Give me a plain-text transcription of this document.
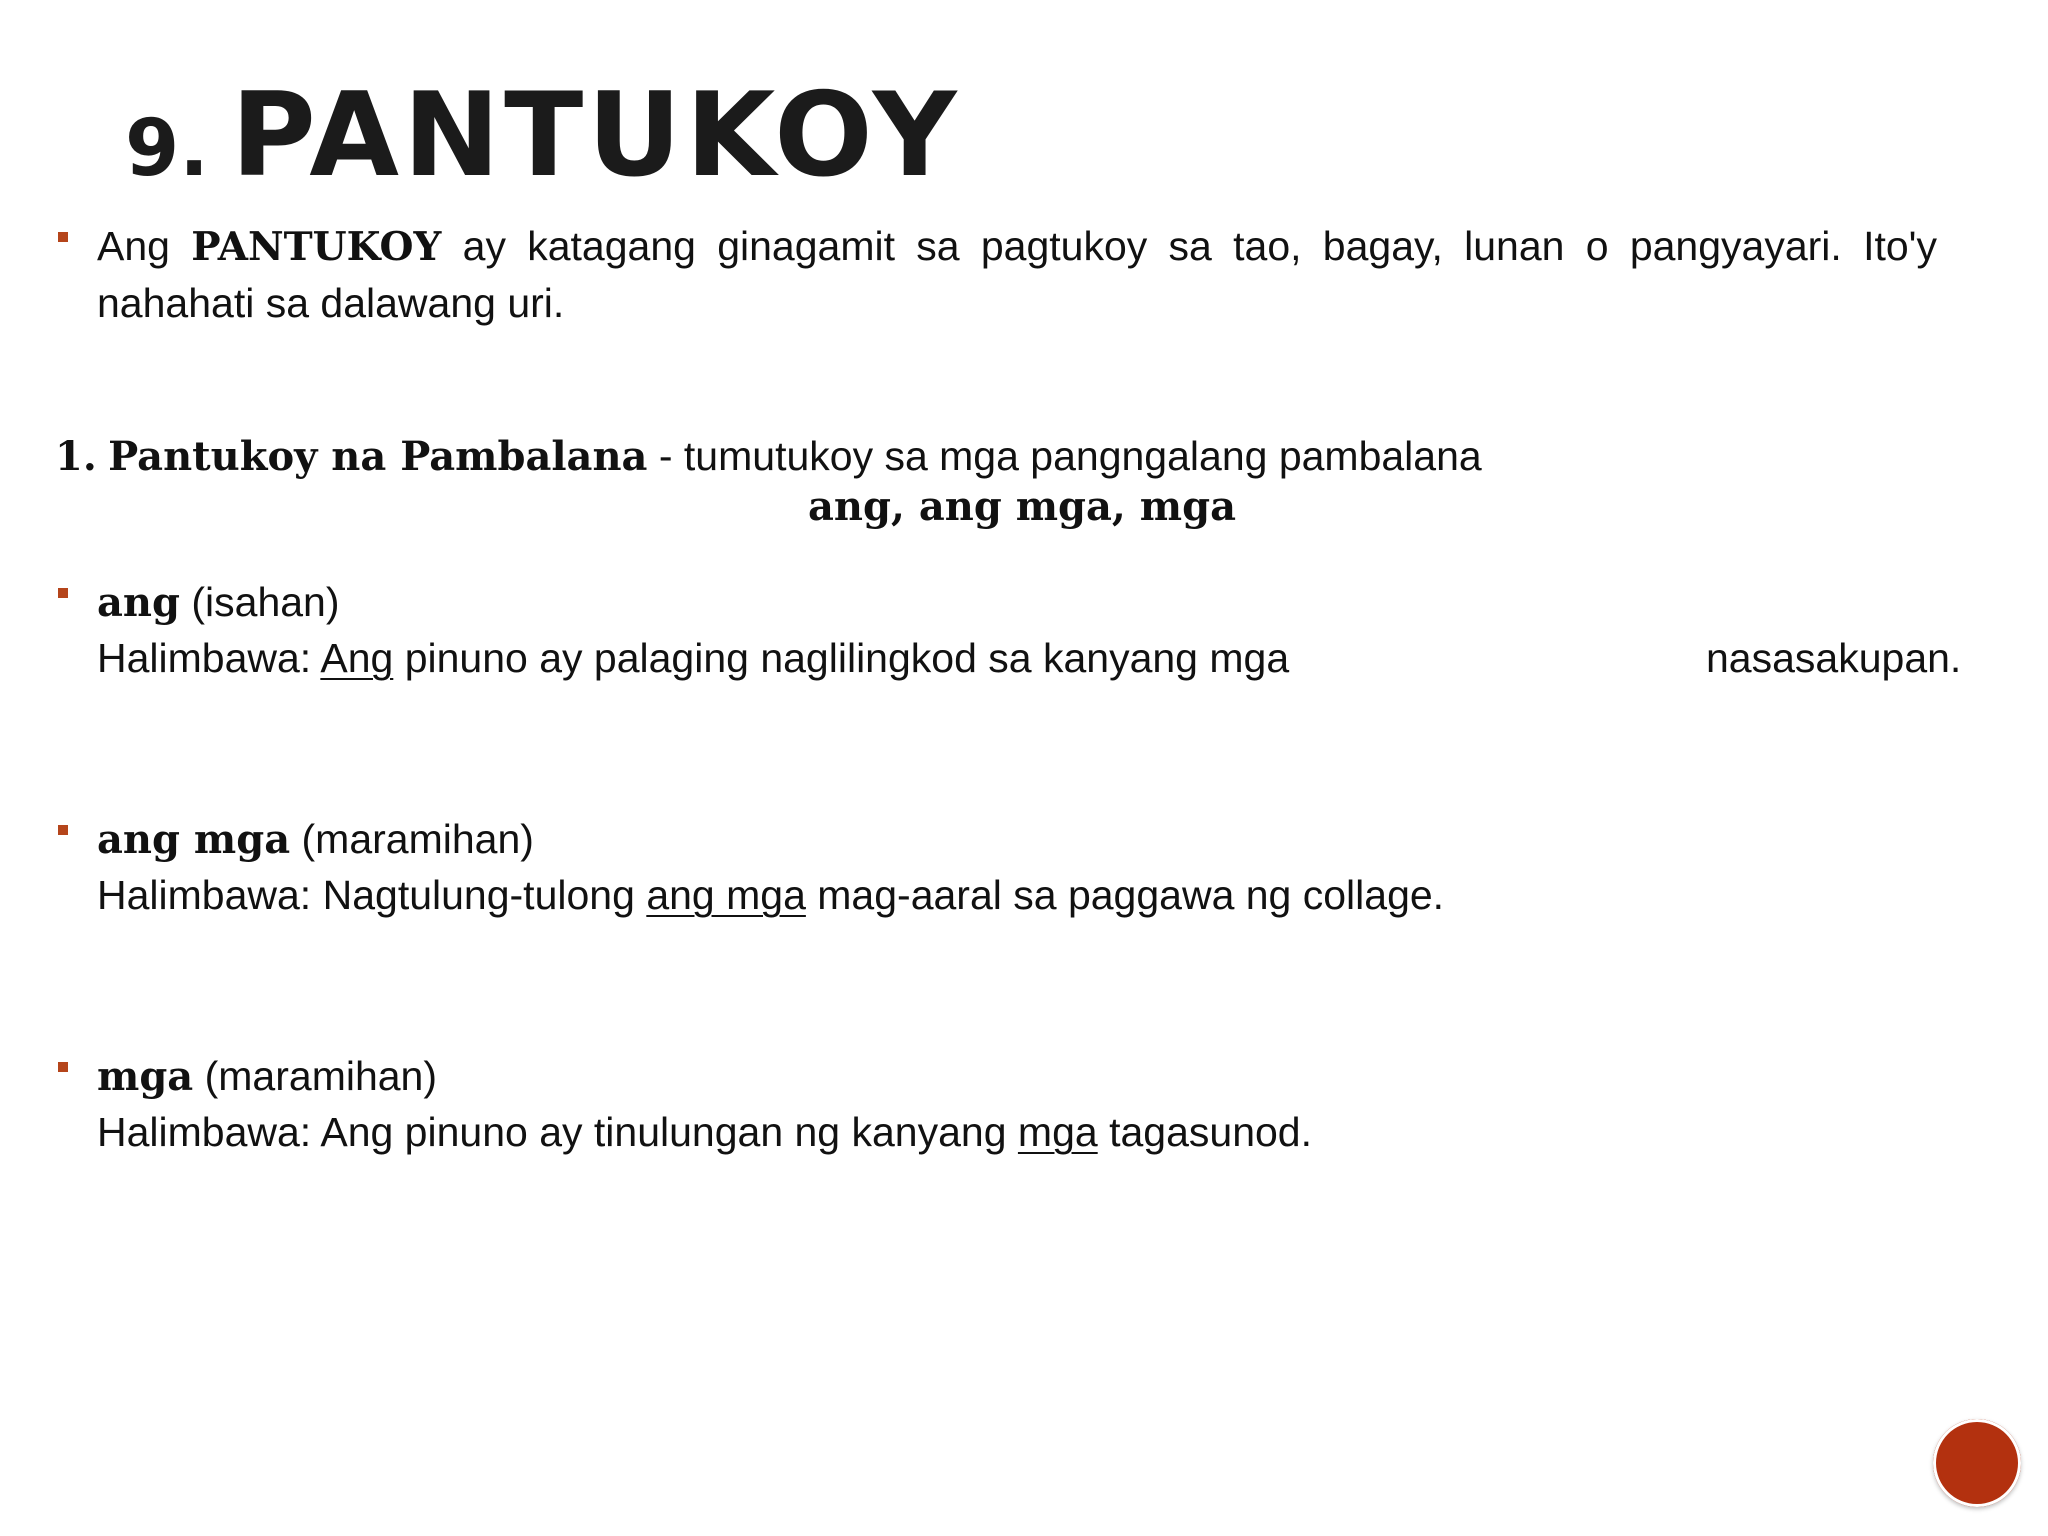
9. PANTUKOY

Ang PANTUKOY ay katagang ginagamit sa pagtukoy sa tao, bagay, lunan o pangyayari. Ito'y nahahati sa dalawang uri.

1. Pantukoy na Pambalana - tumutukoy sa mga pangngalang pambalana
ang, ang mga, mga
ang (isahan)
Halimbawa: Ang pinuno ay palaging naglilingkod sa kanyang mga	nasasakupan.
ang mga (maramihan)
Halimbawa: Nagtulung-tulong ang mga mag-aaral sa paggawa ng collage.
mga (maramihan)
Halimbawa: Ang pinuno ay tinulungan ng kanyang mga tagasunod.
